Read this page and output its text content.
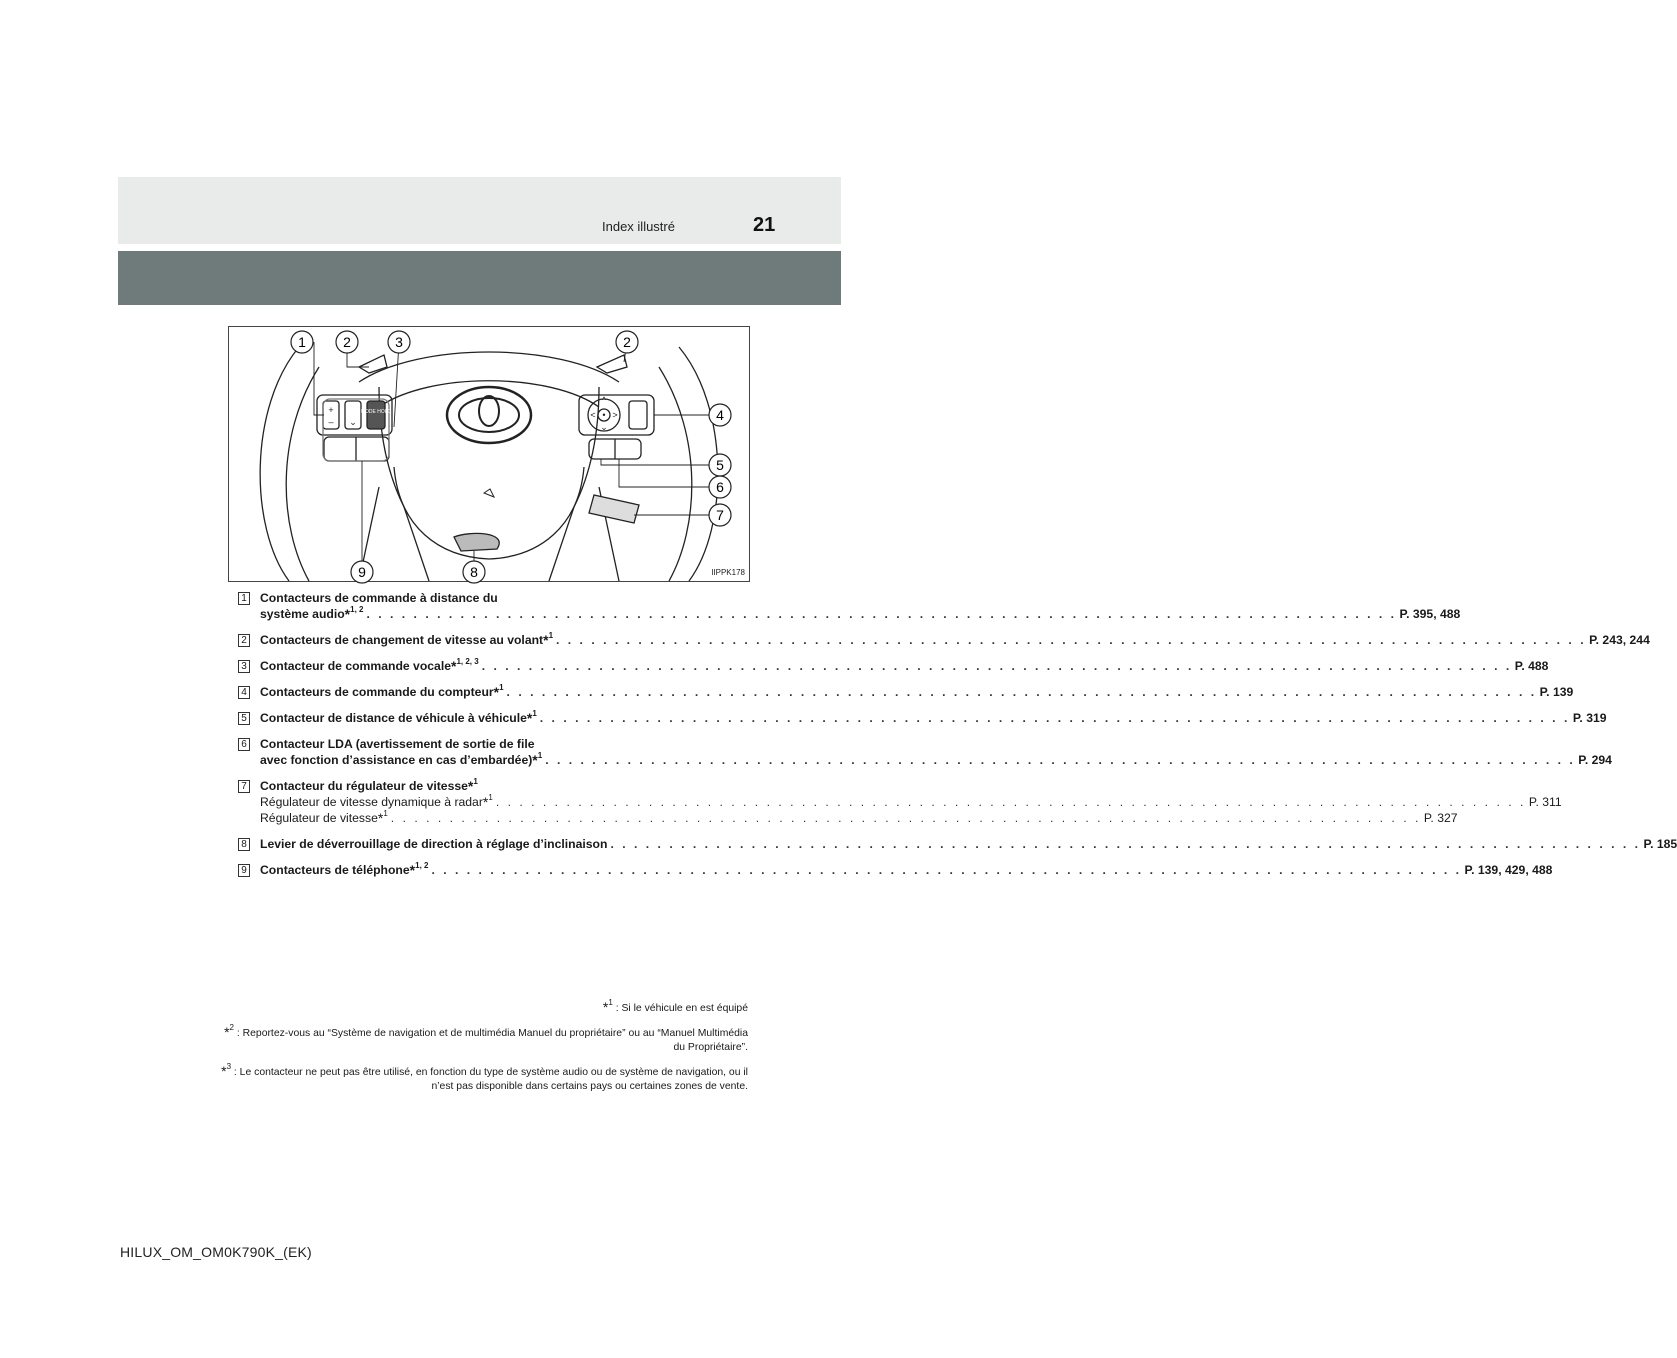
Index illustré	21
1	2	3	2
4
5
6
7
9	8
+	MODE HOLD
– ⌄
^
< • >
⌄
IIPPK178
1 Contacteurs de commande à distance du
système audio*$^{1, 2}$ . . . . . . . . . . . . . . . . . . . . . . . . . . . . . . . . . . . . . . . . . . . . . . . . . . . . . . . . . . . . . . . . . . . . . . . . . . . . . . . . . . . . . . . . P. 395, 488
2 Contacteurs de changement de vitesse au volant*$^1$ . . . . . . . . . . . . . . . . . . . . . . . . . . . . . . . . . . . . . . . . . . . . . . . . . . . . . . . . . . . . . . . . . . . . . . . . . . . . . . . . . . . . . . . . P. 243, 244
3 Contacteur de commande vocale*$^{1, 2, 3}$ . . . . . . . . . . . . . . . . . . . . . . . . . . . . . . . . . . . . . . . . . . . . . . . . . . . . . . . . . . . . . . . . . . . . . . . . . . . . . . . . . . . . . . . . P. 488
4 Contacteurs de commande du compteur*$^1$ . . . . . . . . . . . . . . . . . . . . . . . . . . . . . . . . . . . . . . . . . . . . . . . . . . . . . . . . . . . . . . . . . . . . . . . . . . . . . . . . . . . . . . . . P. 139
5 Contacteur de distance de véhicule à véhicule*$^1$ . . . . . . . . . . . . . . . . . . . . . . . . . . . . . . . . . . . . . . . . . . . . . . . . . . . . . . . . . . . . . . . . . . . . . . . . . . . . . . . . . . . . . . . . P. 319
6 Contacteur LDA (avertissement de sortie de file
avec fonction d’assistance en cas d’embardée)*$^1$ . . . . . . . . . . . . . . . . . . . . . . . . . . . . . . . . . . . . . . . . . . . . . . . . . . . . . . . . . . . . . . . . . . . . . . . . . . . . . . . . . . . . . . . . P. 294
7 Contacteur du régulateur de vitesse*$^1$
Régulateur de vitesse dynamique à radar*$^1$ . . . . . . . . . . . . . . . . . . . . . . . . . . . . . . . . . . . . . . . . . . . . . . . . . . . . . . . . . . . . . . . . . . . . . . . . . . . . . . . . . . . . . . . . P. 311
Régulateur de vitesse*$^1$ . . . . . . . . . . . . . . . . . . . . . . . . . . . . . . . . . . . . . . . . . . . . . . . . . . . . . . . . . . . . . . . . . . . . . . . . . . . . . . . . . . . . . . . . P. 327
8 Levier de déverrouillage de direction à réglage d’inclinaison . . . . . . . . . . . . . . . . . . . . . . . . . . . . . . . . . . . . . . . . . . . . . . . . . . . . . . . . . . . . . . . . . . . . . . . . . . . . . . . . . . . . . . . . P. 185
9 Contacteurs de téléphone*$^{1, 2}$ . . . . . . . . . . . . . . . . . . . . . . . . . . . . . . . . . . . . . . . . . . . . . . . . . . . . . . . . . . . . . . . . . . . . . . . . . . . . . . . . . . . . . . . . P. 139, 429, 488

*$^1$ : Si le véhicule en est équipé

*$^2$ : Reportez-vous au “Système de navigation et de multimédia Manuel du propriétaire” ou au “Manuel Multimédia du Propriétaire”.

*$^3$ : Le contacteur ne peut pas être utilisé, en fonction du type de système audio ou de système de navigation, ou il n’est pas disponible dans certains pays ou certaines zones de vente.

HILUX_OM_OM0K790K_(EK)
